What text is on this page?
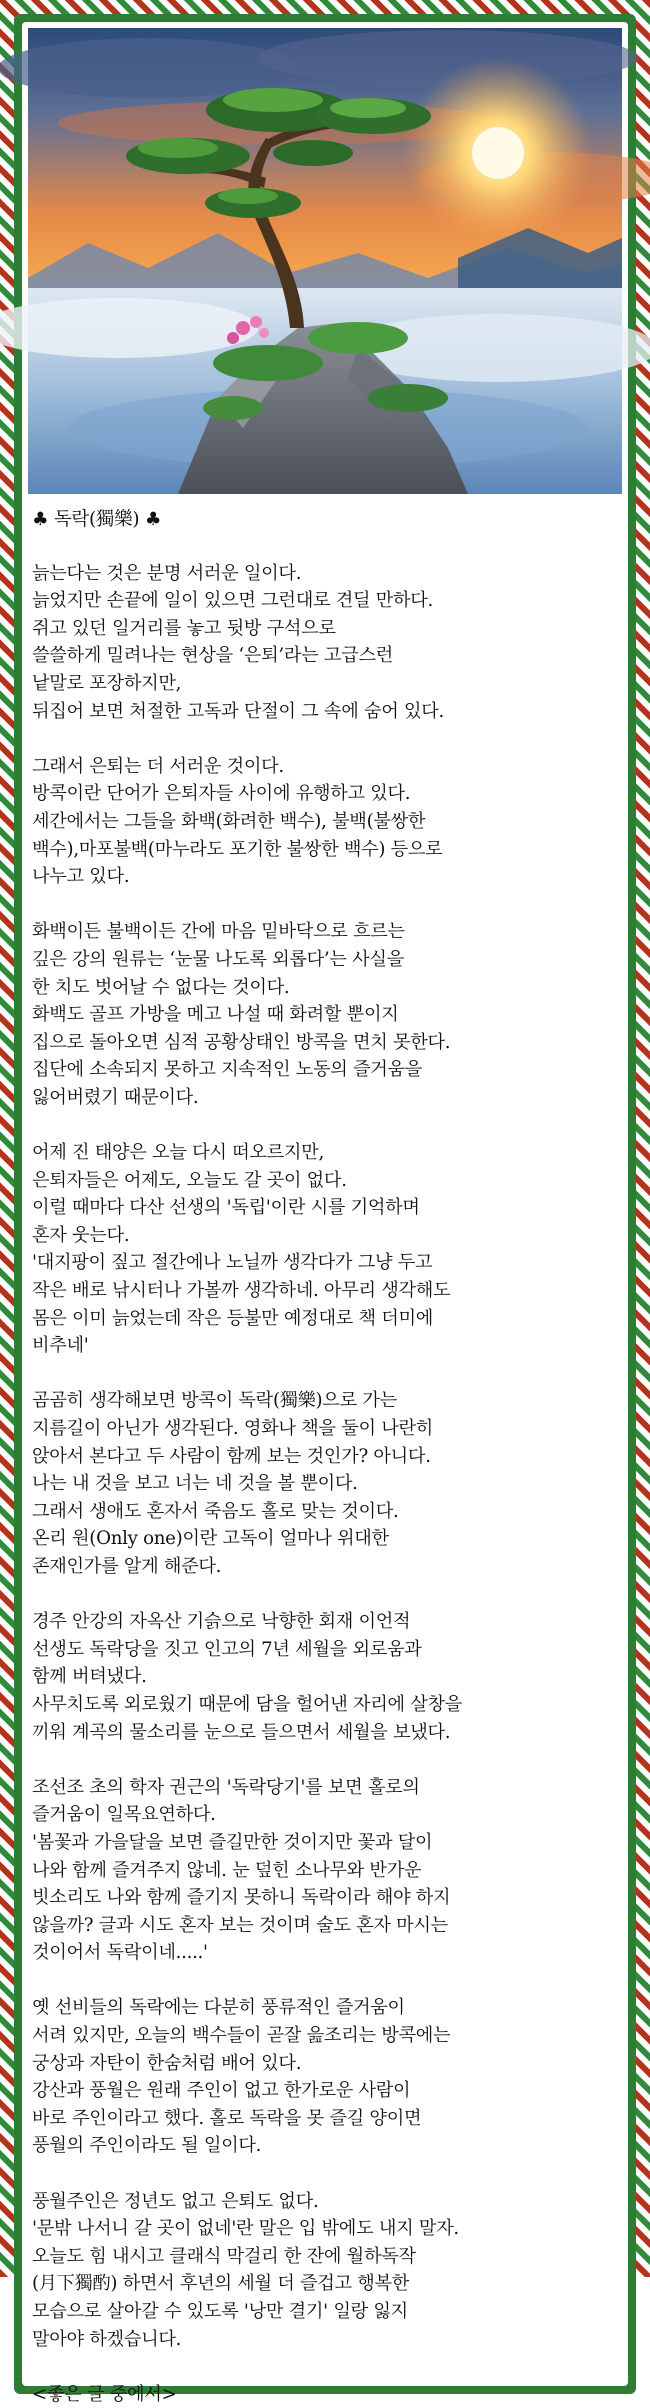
♣ 독락(獨樂) ♣
늙는다는 것은 분명 서러운 일이다.
늙었지만 손끝에 일이 있으면 그런대로 견딜 만하다.
쥐고 있던 일거리를 놓고 뒷방 구석으로
쓸쓸하게 밀려나는 현상을 ‘은퇴’라는 고급스런
낱말로 포장하지만,
뒤집어 보면 처절한 고독과 단절이 그 속에 숨어 있다.
그래서 은퇴는 더 서러운 것이다.
방콕이란 단어가 은퇴자들 사이에 유행하고 있다.
세간에서는 그들을 화백(화려한 백수), 불백(불쌍한
백수),마포불백(마누라도 포기한 불쌍한 백수) 등으로
나누고 있다.
화백이든 불백이든 간에 마음 밑바닥으로 흐르는
깊은 강의 원류는 ‘눈물 나도록 외롭다’는 사실을
한 치도 벗어날 수 없다는 것이다.
화백도 골프 가방을 메고 나설 때 화려할 뿐이지
집으로 돌아오면 심적 공황상태인 방콕을 면치 못한다.
집단에 소속되지 못하고 지속적인 노동의 즐거움을
잃어버렸기 때문이다.
어제 진 태양은 오늘 다시 떠오르지만,
은퇴자들은 어제도, 오늘도 갈 곳이 없다.
이럴 때마다 다산 선생의 '독립'이란 시를 기억하며
혼자 웃는다.
'대지팡이 짚고 절간에나 노닐까 생각다가 그냥 두고
작은 배로 낚시터나 가볼까 생각하네. 아무리 생각해도
몸은 이미 늙었는데 작은 등불만 예정대로 책 더미에
비추네'
곰곰히 생각해보면 방콕이 독락(獨樂)으로 가는
지름길이 아닌가 생각된다. 영화나 책을 둘이 나란히
앉아서 본다고 두 사람이 함께 보는 것인가? 아니다.
나는 내 것을 보고 너는 네 것을 볼 뿐이다.
그래서 생애도 혼자서 죽음도 홀로 맞는 것이다.
온리 원(Only one)이란 고독이 얼마나 위대한
존재인가를 알게 해준다.
경주 안강의 자옥산 기슭으로 낙향한 회재 이언적
선생도 독락당을 짓고 인고의 7년 세월을 외로움과
함께 버텨냈다.
사무치도록 외로웠기 때문에 담을 헐어낸 자리에 살창을
끼워 계곡의 물소리를 눈으로 들으면서 세월을 보냈다.
조선조 초의 학자 권근의 '독락당기'를 보면 홀로의
즐거움이 일목요연하다.
'봄꽃과 가을달을 보면 즐길만한 것이지만 꽃과 달이
나와 함께 즐겨주지 않네. 눈 덮힌 소나무와 반가운
빗소리도 나와 함께 즐기지 못하니 독락이라 해야 하지
않을까? 글과 시도 혼자 보는 것이며 술도 혼자 마시는
것이어서 독락이네.....'
옛 선비들의 독락에는 다분히 풍류적인 즐거움이
서려 있지만, 오늘의 백수들이 곧잘 읊조리는 방콕에는
궁상과 자탄이 한숨처럼 배어 있다.
강산과 풍월은 원래 주인이 없고 한가로운 사람이
바로 주인이라고 했다. 홀로 독락을 못 즐길 양이면
풍월의 주인이라도 될 일이다.
풍월주인은 정년도 없고 은퇴도 없다.
'문밖 나서니 갈 곳이 없네'란 말은 입 밖에도 내지 말자.
오늘도 힘 내시고 클래식 막걸리 한 잔에 월하독작
(月下獨酌) 하면서 후년의 세월 더 즐겁고 행복한
모습으로 살아갈 수 있도록 '낭만 결기' 일랑 잃지
말아야 하겠습니다.
<좋은 글 중에서>
